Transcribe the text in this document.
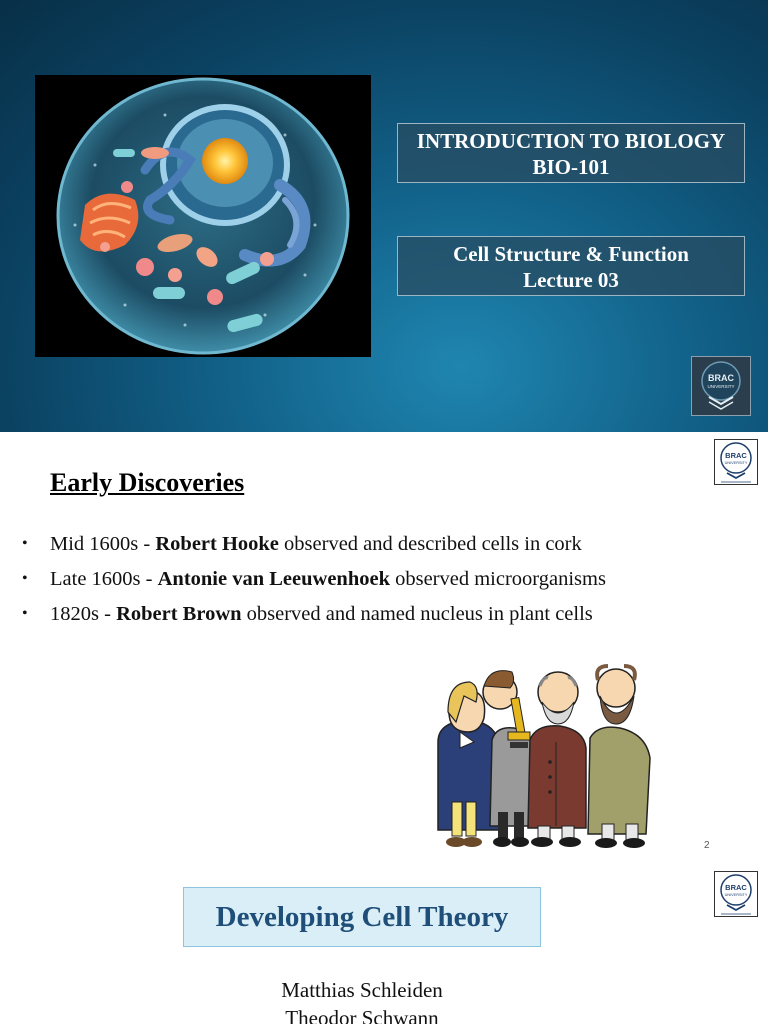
INTRODUCTION TO BIOLOGY
BIO-101
Cell Structure & Function
Lecture 03
BRAC
UNIVERSITY
BRAC
UNIVERSITY
Early Discoveries
• Mid 1600s - Robert Hooke observed and described cells in cork
• Late 1600s - Antonie van Leeuwenhoek observed microorganisms
• 1820s - Robert Brown observed and named nucleus in plant cells
2
BRAC
UNIVERSITY
Developing Cell Theory
Matthias Schleiden
Theodor Schwann
